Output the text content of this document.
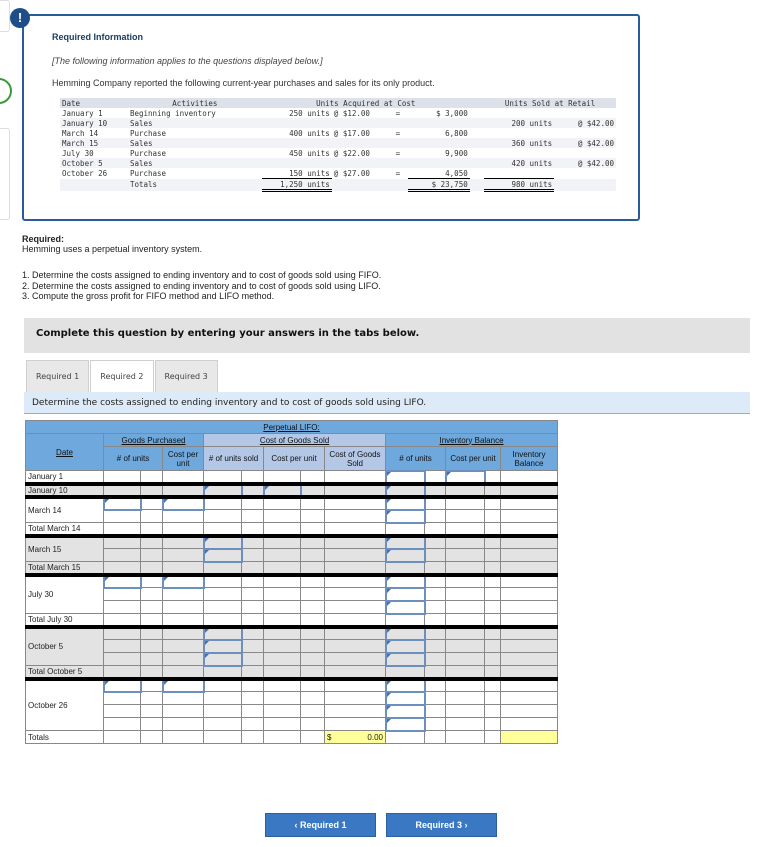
!
Required Information
[The following information applies to the questions displayed below.]
Hemming Company reported the following current-year purchases and sales for its only product.
Date	Activities	Units Acquired at Cost					Units Sold at Retail	
January 1	Beginning inventory	250 units	@ $12.00	=	$ 3,000			
January 10	Sales						200 units	@ $42.00
March 14	Purchase	400 units	@ $17.00	=	6,800			
March 15	Sales						360 units	@ $42.00
July 30	Purchase	450 units	@ $22.00	=	9,900			
October 5	Sales						420 units	@ $42.00
October 26	Purchase	150 units	@ $27.00	=	4,050			
	Totals	1,250 units			$ 23,750		980 units	
Required:
Hemming uses a perpetual inventory system.
1. Determine the costs assigned to ending inventory and to cost of goods sold using FIFO.
2. Determine the costs assigned to ending inventory and to cost of goods sold using LIFO.
3. Compute the gross profit for FIFO method and LIFO method.
Complete this question by entering your answers in the tabs below.
Required 1	Required 2	Required 3
Determine the costs assigned to ending inventory and to cost of goods sold using LIFO.
Perpetual LIFO:													
Date	Goods Purchased			Cost of Goods Sold					Inventory Balance				
	# of units		Cost per unit	# of units sold		Cost per unit		Cost of Goods Sold	# of units		Cost per unit		Inventory Balance
January 1													
January 10													
March 14													

Total March 14													
March 15													

Total March 15													
July 30													

Total July 30													
October 5													

Total October 5													
October 26													

Totals								$ 0.00					

‹ Required 1	Required 3 ›
